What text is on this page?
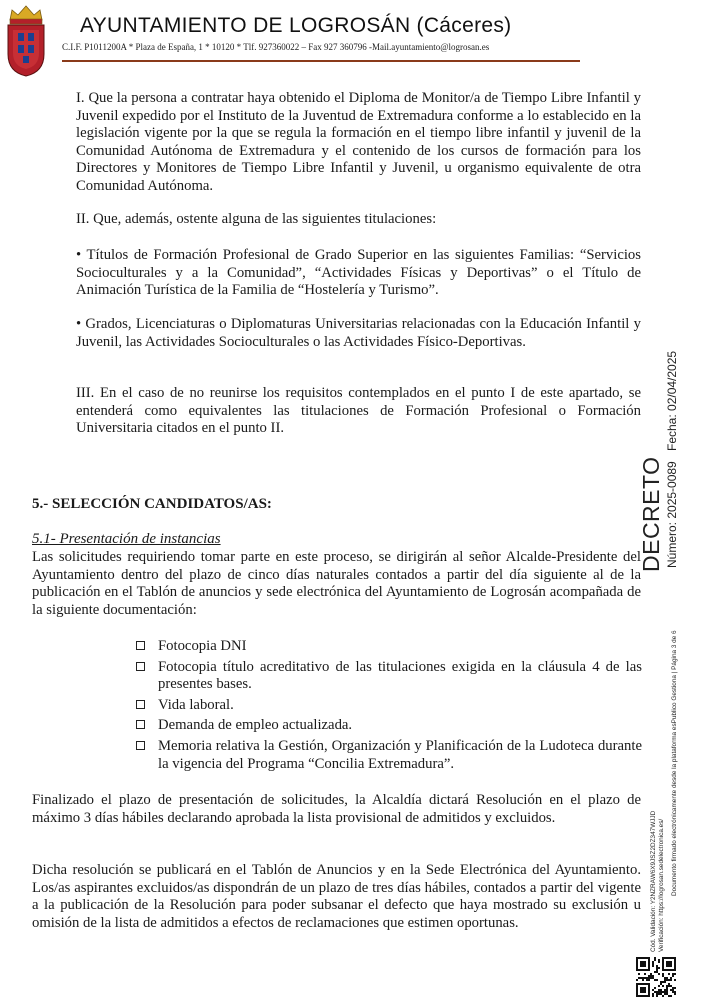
AYUNTAMIENTO DE LOGROSÁN (Cáceres)
C.I.F. P1011200A * Plaza de España, 1 * 10120 * Tlf. 927360022 – Fax 927 360796 -Mail.ayuntamiento@logrosan.es

I. Que la persona a contratar haya obtenido el Diploma de Monitor/a de Tiempo Libre Infantil y Juvenil expedido por el Instituto de la Juventud de Extremadura conforme a lo establecido en la legislación vigente por la que se regula la formación en el tiempo libre infantil y juvenil de la Comunidad Autónoma de Extremadura y el contenido de los cursos de formación para los Directores y Monitores de Tiempo Libre Infantil y Juvenil, u organismo equivalente de otra Comunidad Autónoma.

II. Que, además, ostente alguna de las siguientes titulaciones:

• Títulos de Formación Profesional de Grado Superior en las siguientes Familias: “Servicios Socioculturales y a la Comunidad”, “Actividades Físicas y Deportivas” o el Título de Animación Turística de la Familia de “Hostelería y Turismo”.

• Grados, Licenciaturas o Diplomaturas Universitarias relacionadas con la Educación Infantil y Juvenil, las Actividades Socioculturales o las Actividades Físico-Deportivas.

III. En el caso de no reunirse los requisitos contemplados en el punto I de este apartado, se entenderá como equivalentes las titulaciones de Formación Profesional o Formación Universitaria citados en el punto II.

5.- SELECCIÓN CANDIDATOS/AS:
5.1- Presentación de instancias

Las solicitudes requiriendo tomar parte en este proceso, se dirigirán al señor Alcalde-Presidente del Ayuntamiento dentro del plazo de cinco días naturales contados a partir del día siguiente al de la publicación en el Tablón de anuncios y sede electrónica del Ayuntamiento de Logrosán acompañada de la siguiente documentación:

Fotocopia DNI
Fotocopia título acreditativo de las titulaciones exigida en la cláusula 4 de las presentes bases.
Vida laboral.
Demanda de empleo actualizada.
Memoria relativa la Gestión, Organización y Planificación de la Ludoteca durante la vigencia del Programa “Concilia Extremadura”.

Finalizado el plazo de presentación de solicitudes, la Alcaldía dictará Resolución en el plazo de máximo 3 días hábiles declarando aprobada la lista provisional de admitidos y excluidos.

Dicha resolución se publicará en el Tablón de Anuncios y en la Sede Electrónica del Ayuntamiento. Los/as aspirantes excluidos/as dispondrán de un plazo de tres días hábiles, contados a partir del vigente a la publicación de la Resolución para poder subsanar el defecto que haya mostrado su exclusión u omisión de la lista de admitidos a efectos de reclamaciones que estimen oportunas.

DECRETO Número: 2025-0089
Fecha: 02/04/2025
Documento firmado electrónicamente desde la plataforma esPublico Gestiona | Página 3 de 6
Cód. Validación: Y2NZRAW6X9JSZ2DZ347WJJD Verificación: https://logrosan.sedelectronica.es/
